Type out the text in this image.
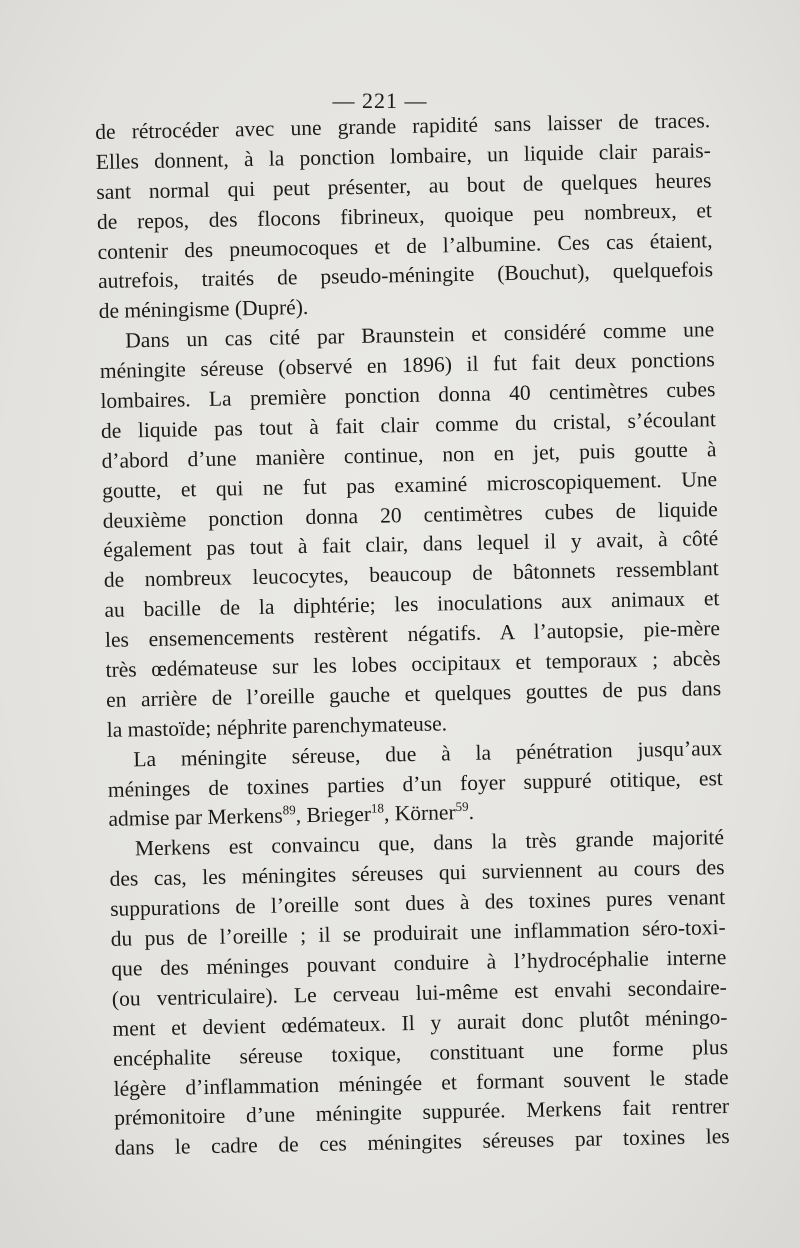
— 221 —
de rétrocéder avec une grande rapidité sans laisser de traces.
Elles donnent, à la ponction lombaire, un liquide clair parais-
sant normal qui peut présenter, au bout de quelques heures
de repos, des flocons fibrineux, quoique peu nombreux, et
contenir des pneumocoques et de l’albumine. Ces cas étaient,
autrefois, traités de pseudo-méningite (Bouchut), quelquefois
de méningisme (Dupré).
Dans un cas cité par Braunstein et considéré comme une
méningite séreuse (observé en 1896) il fut fait deux ponctions
lombaires. La première ponction donna 40 centimètres cubes
de liquide pas tout à fait clair comme du cristal, s’écoulant
d’abord d’une manière continue, non en jet, puis goutte à
goutte, et qui ne fut pas examiné microscopiquement. Une
deuxième ponction donna 20 centimètres cubes de liquide
également pas tout à fait clair, dans lequel il y avait, à côté
de nombreux leucocytes, beaucoup de bâtonnets ressemblant
au bacille de la diphtérie; les inoculations aux animaux et
les ensemencements restèrent négatifs. A l’autopsie, pie-mère
très œdémateuse sur les lobes occipitaux et temporaux ; abcès
en arrière de l’oreille gauche et quelques gouttes de pus dans
la mastoïde; néphrite parenchymateuse.
La méningite séreuse, due à la pénétration jusqu’aux
méninges de toxines parties d’un foyer suppuré otitique, est
admise par Merkens$^{89}$, Brieger$^{18}$, Körner$^{59}$.
Merkens est convaincu que, dans la très grande majorité
des cas, les méningites séreuses qui surviennent au cours des
suppurations de l’oreille sont dues à des toxines pures venant
du pus de l’oreille ; il se produirait une inflammation séro-toxi-
que des méninges pouvant conduire à l’hydrocéphalie interne
(ou ventriculaire). Le cerveau lui-même est envahi secondaire-
ment et devient œdémateux. Il y aurait donc plutôt méningo-
encéphalite séreuse toxique, constituant une forme plus
légère d’inflammation méningée et formant souvent le stade
prémonitoire d’une méningite suppurée. Merkens fait rentrer
dans le cadre de ces méningites séreuses par toxines les
